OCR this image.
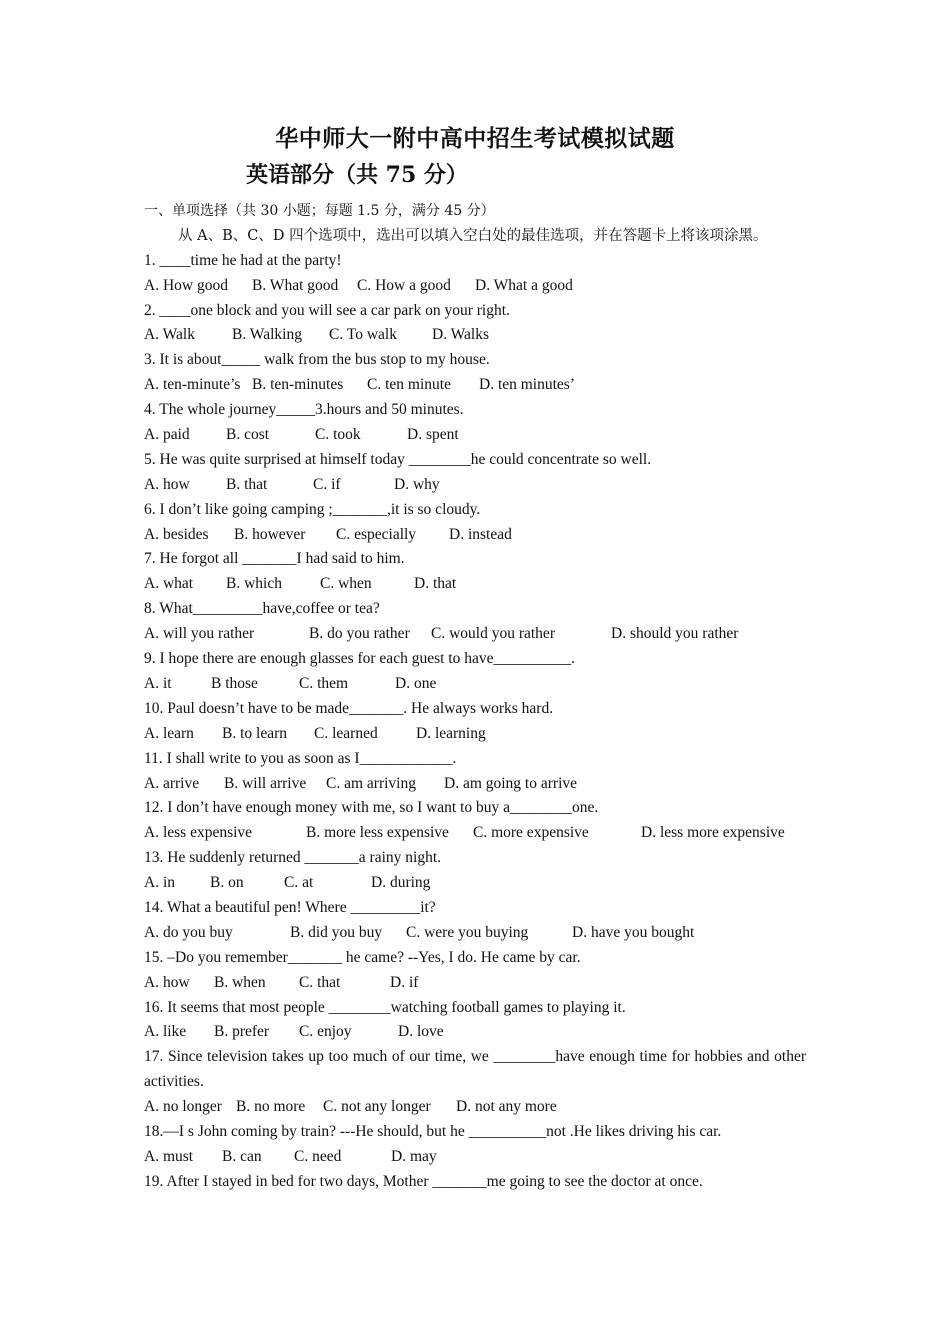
华中师大一附中高中招生考试模拟试题
英语部分（共 75 分）
一、单项选择（共 30 小题；每题 1.5 分，满分 45 分）
从 A、B、C、D 四个选项中，选出可以填入空白处的最佳选项，并在答题卡上将该项涂黑。
1. ____time he had at the party!
A. How good B. What good C. How a good D. What a good
2. ____one block and you will see a car park on your right.
A. Walk B. Walking C. To walk D. Walks
3. It is about_____ walk from the bus stop to my house.
A. ten-minute’s B. ten-minutes C. ten minute D. ten minutes’
4. The whole journey_____3.hours and 50 minutes.
A. paid B. cost	C. took	D. spent
5. He was quite surprised at himself today ________he could concentrate so well.
A. how B. that	C. if	D. why
6. I don’t like going camping ;_______,it is so cloudy.
A. besides B. however C. especially D. instead
7. He forgot all _______I had said to him.
A. what B. which C. when	D. that
8. What_________have,coffee or tea?
A. will you rather	B. do you rather C. would you rather	D. should you rather
9. I hope there are enough glasses for each guest to have__________.
A. it	B those	C. them	D. one
10. Paul doesn’t have to be made_______. He always works hard.
A. learn B. to learn C. learned D. learning
11. I shall write to you as soon as I____________.
A. arrive B. will arrive C. am arriving D. am going to arrive
12. I don’t have enough money with me, so I want to buy a________one.
A. less expensive	B. more less expensive C. more expensive	D. less more expensive
13. He suddenly returned _______a rainy night.
A. in B. on	C. at	D. during
14. What a beautiful pen! Where _________it?
A. do you buy	B. did you buy C. were you buying	D. have you bought
15. –Do you remember_______ he came? --Yes, I do. He came by car.
A. how B. when C. that	D. if
16. It seems that most people ________watching football games to playing it.
A. like B. prefer C. enjoy	D. love
17. Since television takes up too much of our time, we ________have enough time for hobbies and other activities.
A. no longer B. no more C. not any longer D. not any more
18.—I s John coming by train? ---He should, but he __________not .He likes driving his car.
A. must B. can C. need	D. may
19. After I stayed in bed for two days, Mother _______me going to see the doctor at once.
